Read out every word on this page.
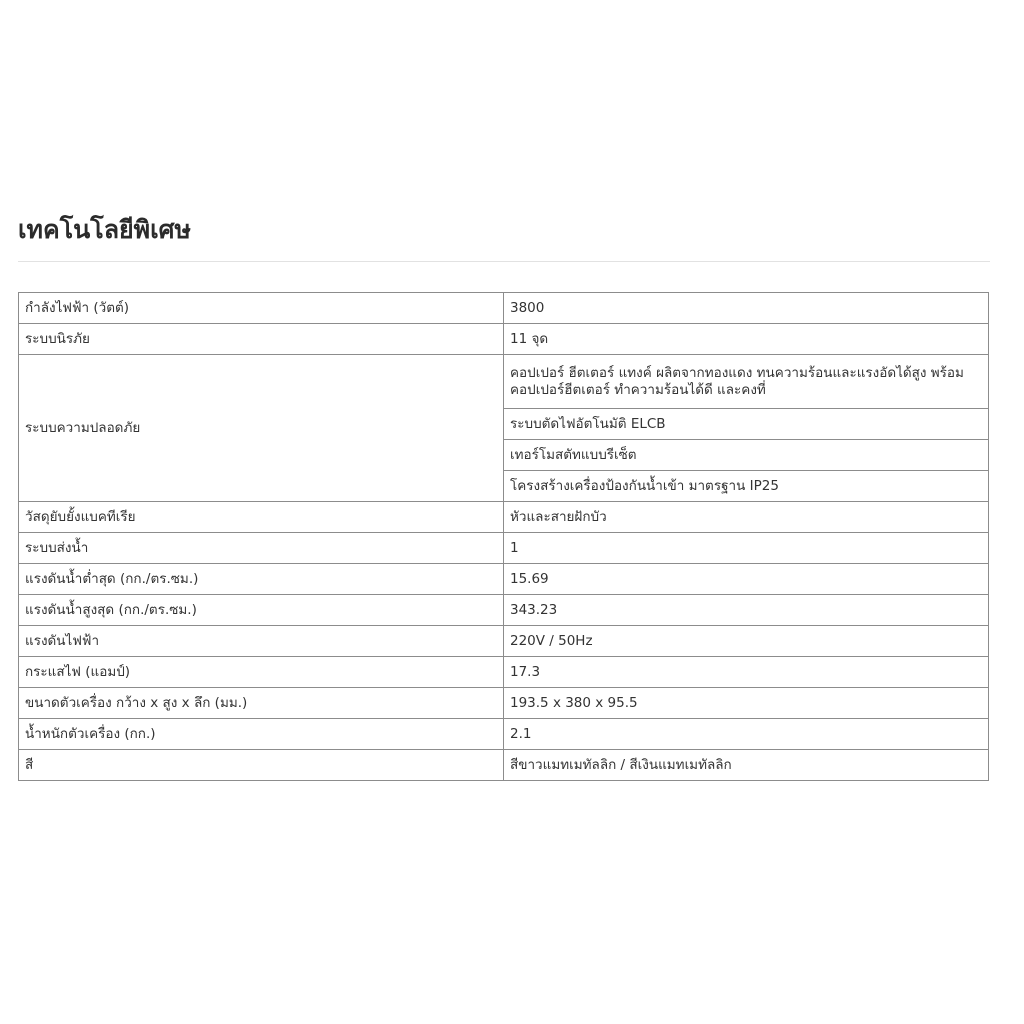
เทคโนโลยีพิเศษ
กำลังไฟฟ้า (วัตต์)	3800
ระบบนิรภัย	11 จุด
ระบบความปลอดภัย	คอปเปอร์ ฮีตเตอร์ แทงค์ ผลิตจากทองแดง ทนความร้อนและแรงอัดได้สูง พร้อมคอปเปอร์ฮีตเตอร์ ทำความร้อนได้ดี และคงที่
	ระบบตัดไฟอัตโนมัติ ELCB
	เทอร์โมสตัทแบบรีเซ็ต
	โครงสร้างเครื่องป้องกันน้ำเข้า มาตรฐาน IP25
วัสดุยับยั้งแบคทีเรีย	หัวและสายฝักบัว
ระบบส่งน้ำ	1
แรงดันน้ำต่ำสุด (กก./ตร.ซม.)	15.69
แรงดันน้ำสูงสุด (กก./ตร.ซม.)	343.23
แรงดันไฟฟ้า	220V / 50Hz
กระแสไฟ (แอมป์)	17.3
ขนาดตัวเครื่อง กว้าง x สูง x ลึก (มม.)	193.5 x 380 x 95.5
น้ำหนักตัวเครื่อง (กก.)	2.1
สี	สีขาวแมทเมทัลลิก / สีเงินแมทเมทัลลิก
